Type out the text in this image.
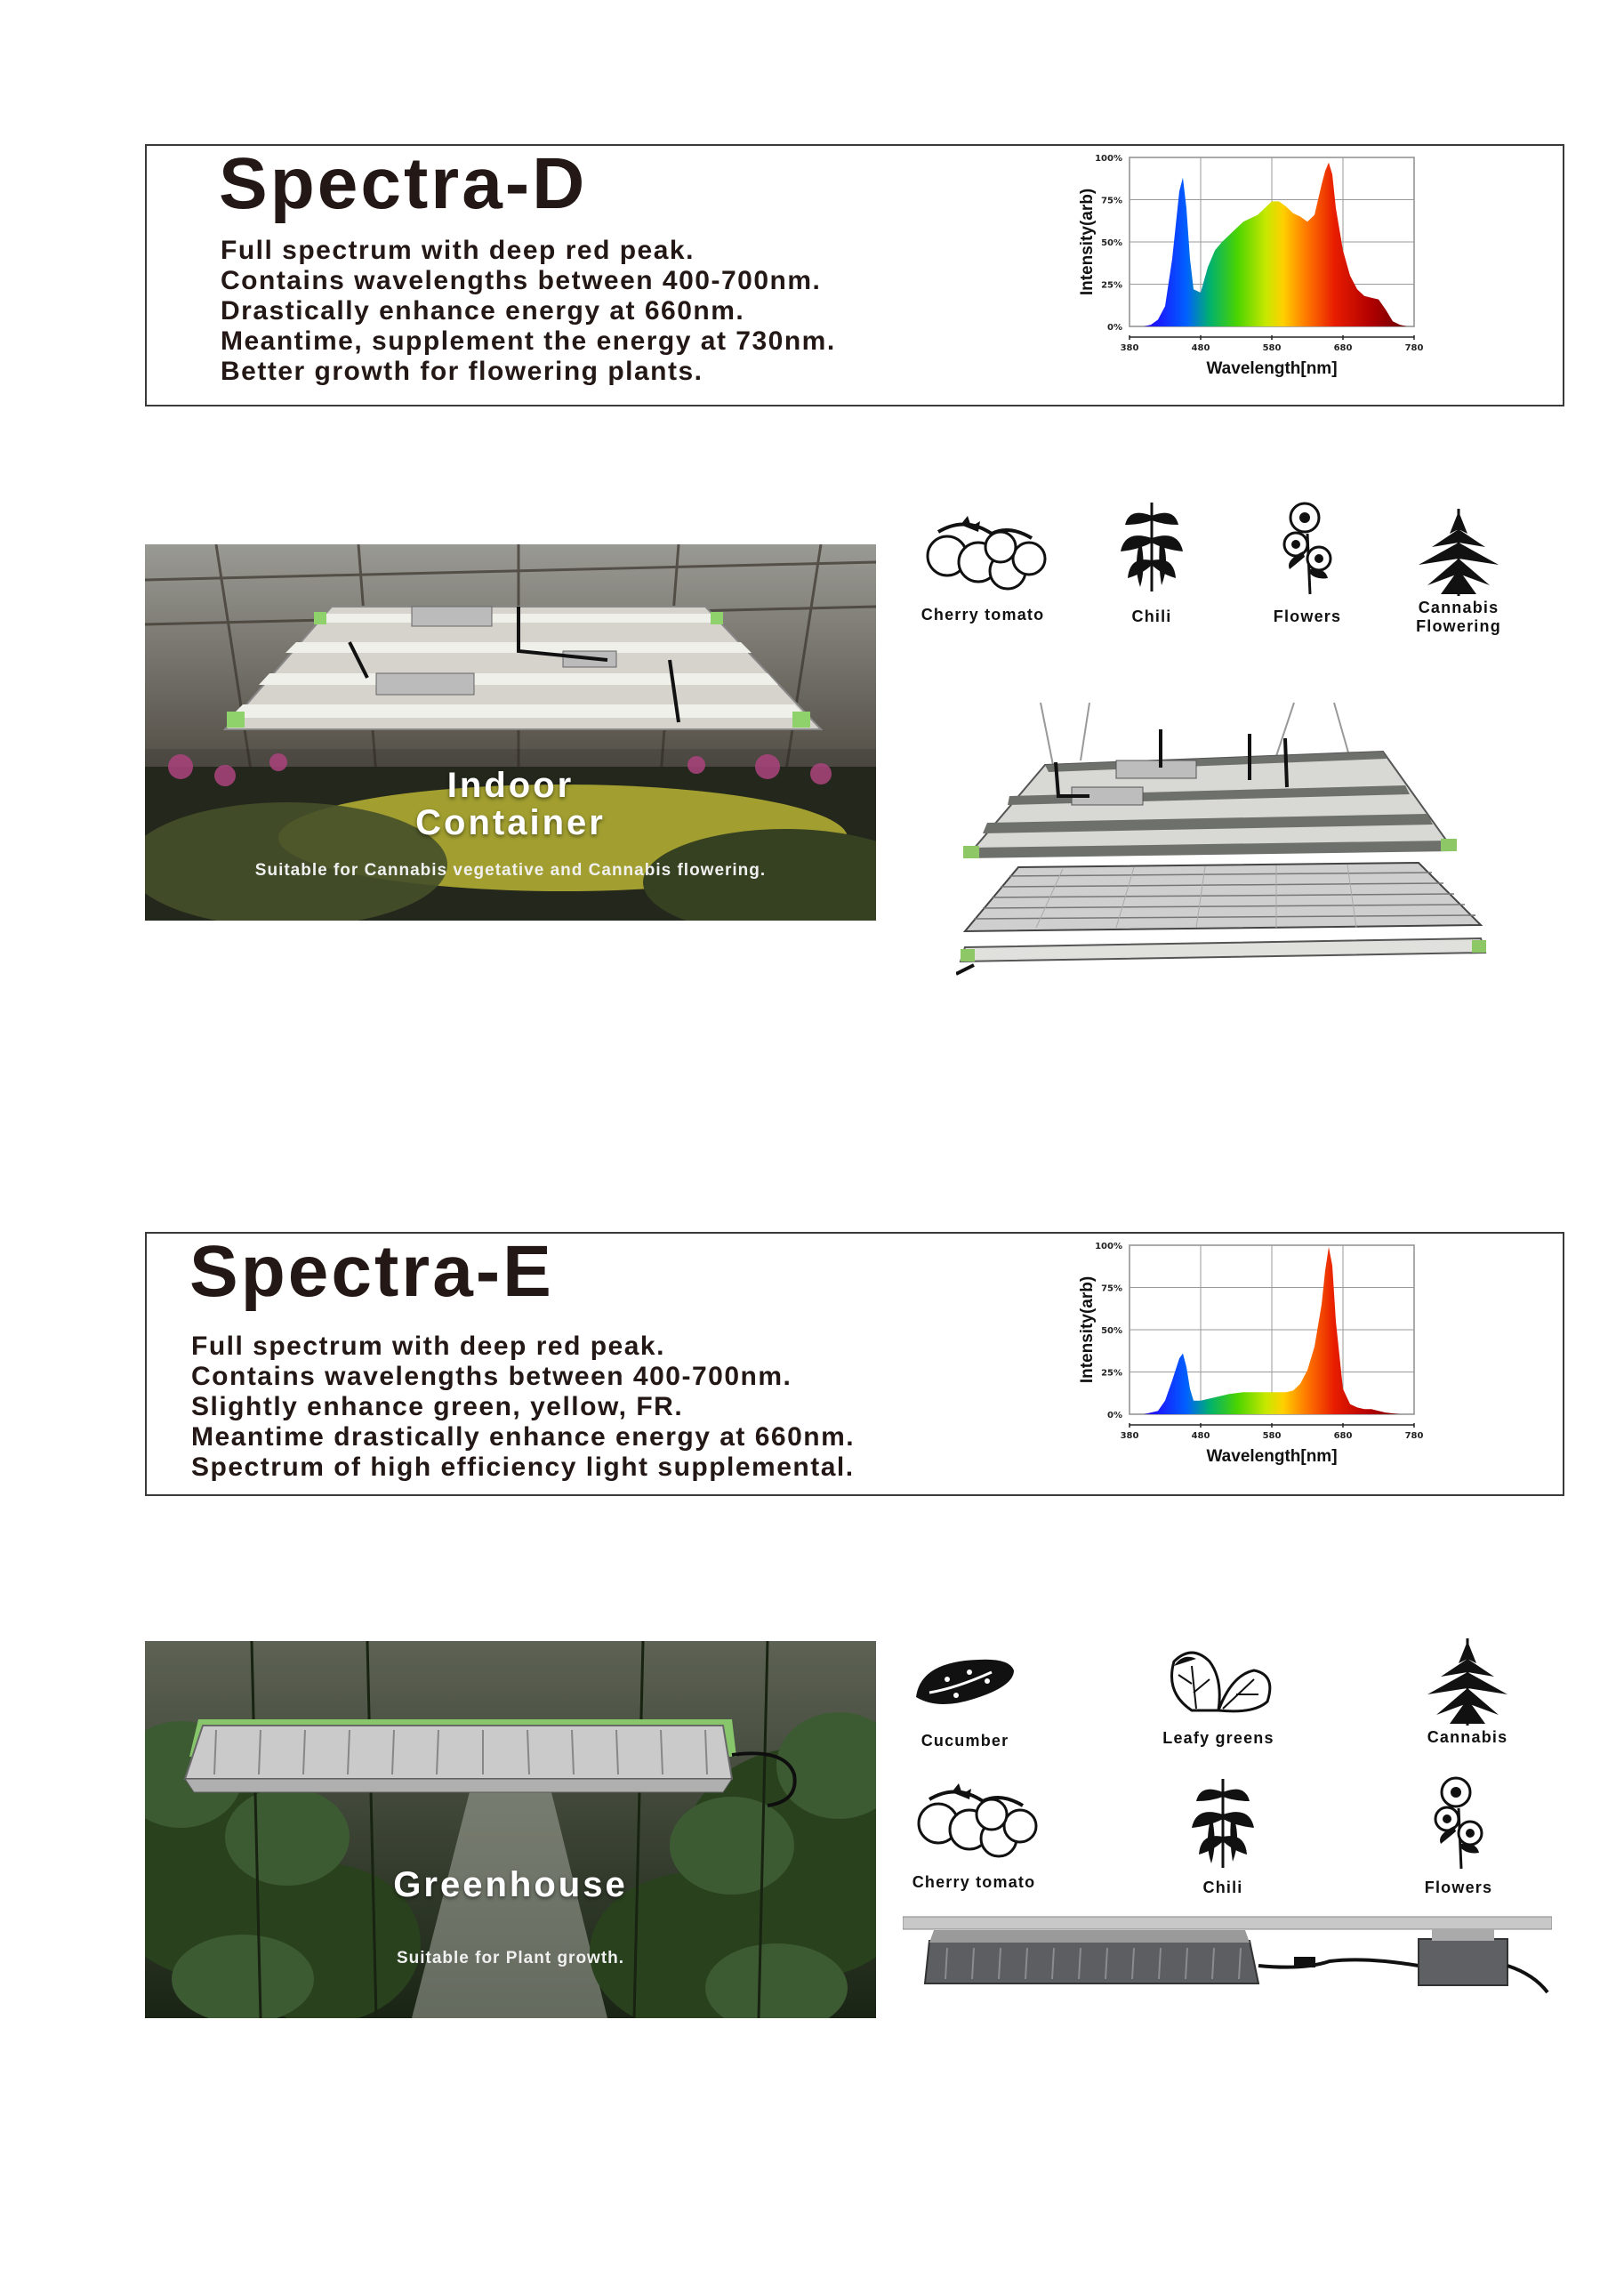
Spectra-D
Full spectrum with deep red peak.
Contains wavelengths between 400-700nm.
Drastically enhance energy at 660nm.
Meantime, supplement the energy at 730nm.
Better growth for flowering plants.
0%
25%
50%
75%
100%
380	480	580	680	780
Wavelength[nm]
Intensity(arb)
Indoor
Container
Suitable for Cannabis vegetative and Cannabis flowering.
Cherry tomato	Chili	Flowers	Cannabis
Flowering
Spectra-E
Full spectrum with deep red peak.
Contains wavelengths between 400-700nm.
Slightly enhance green, yellow, FR.
Meantime drastically enhance energy at 660nm.
Spectrum of high efficiency light supplemental.
0%
25%
50%
75%
100%
380	480	580	680	780
Wavelength[nm]
Intensity(arb)
Greenhouse
Suitable for Plant growth.
Cucumber	Leafy greens	Cannabis
Cherry tomato	Chili	Flowers
